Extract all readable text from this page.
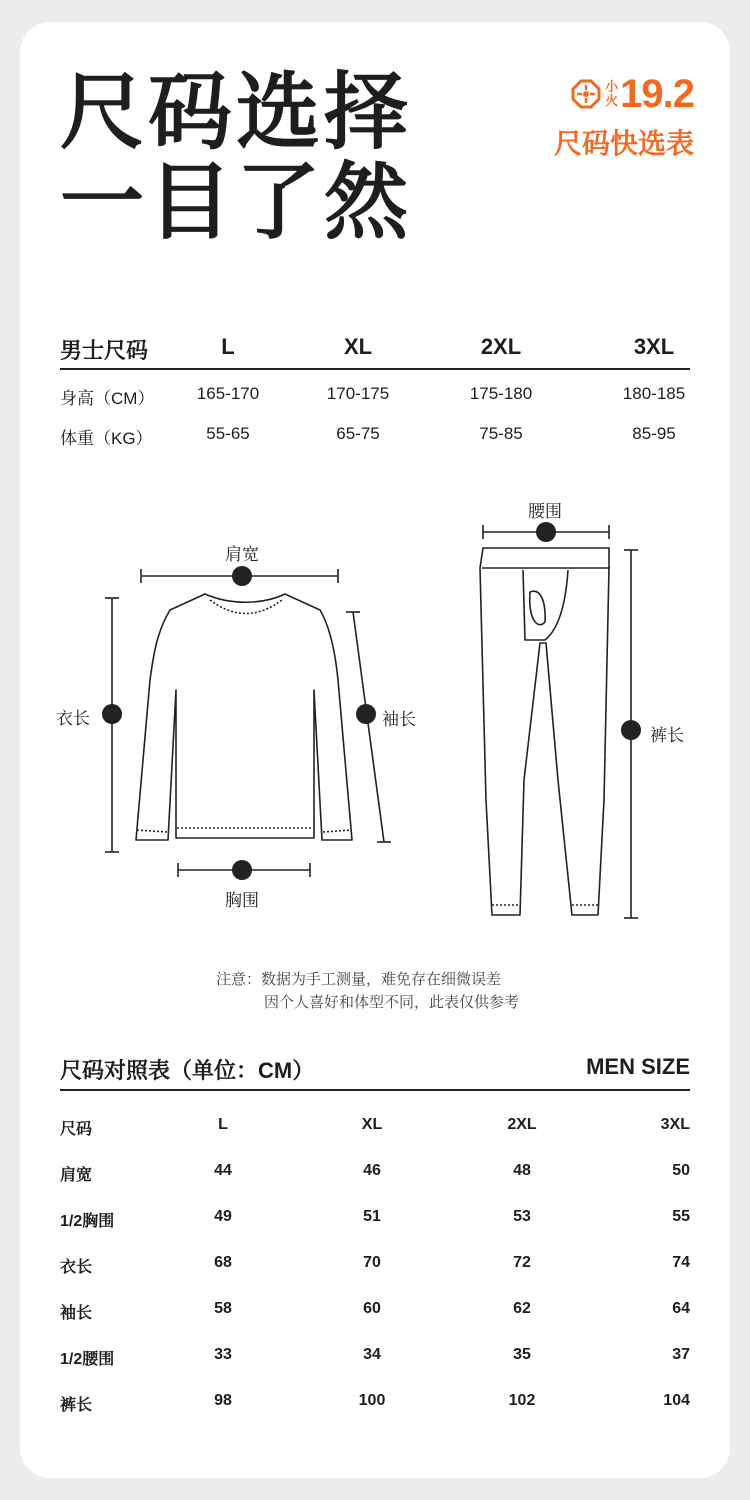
尺码选择
一目了然
小
火 19.2
尺码快选表
男士尺码	L	XL	2XL	3XL
身高（CM） 165-170	170-175	175-180	180-185
体重（KG）	55-65	65-75	75-85	85-95
肩宽
衣长	袖长
胸围
腰围
裤长
注意：数据为手工测量，难免存在细微误差
因个人喜好和体型不同，此表仅供参考
尺码对照表（单位：CM）	MEN SIZE
尺码	L	XL	2XL	3XL
肩宽	44	46	48	50
1/2胸围	49	51	53	55
衣长	68	70	72	74
袖长	58	60	62	64
1/2腰围	33	34	35	37
裤长	98	100	102	104
